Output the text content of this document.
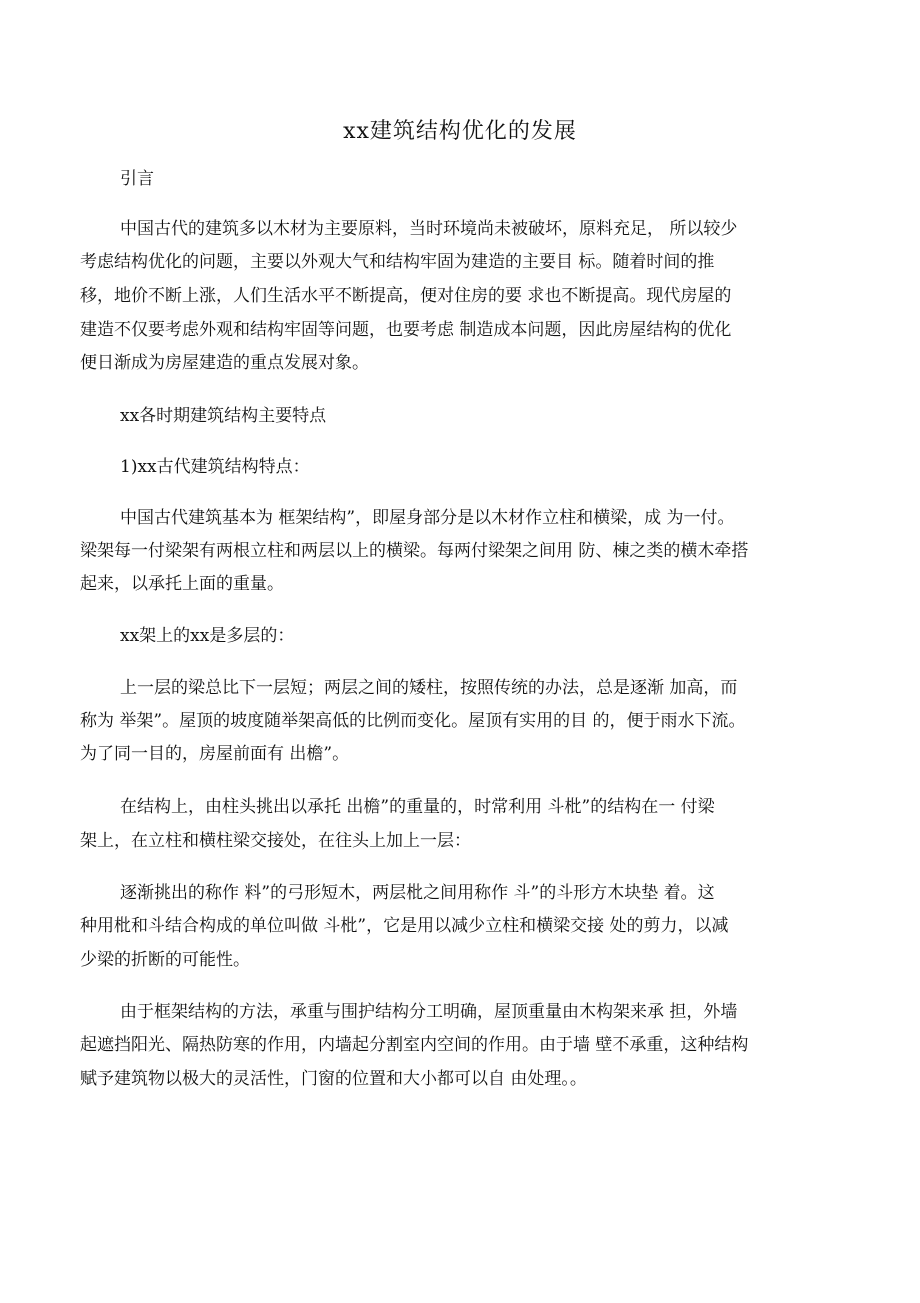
xx建筑结构优化的发展

引言

中国古代的建筑多以木材为主要原料，当时环境尚未被破坏，原料充足， 所以较少

考虑结构优化的问题，主要以外观大气和结构牢固为建造的主要目 标。随着时间的推

移，地价不断上涨，人们生活水平不断提高，便对住房的要 求也不断提高。现代房屋的

建造不仅要考虑外观和结构牢固等问题，也要考虑 制造成本问题，因此房屋结构的优化

便日渐成为房屋建造的重点发展对象。

xx各时期建筑结构主要特点

1)xx古代建筑结构特点：

中国古代建筑基本为 框架结构”，即屋身部分是以木材作立柱和横梁，成 为一付。

梁架每一付梁架有两根立柱和两层以上的横梁。每两付梁架之间用 防、棟之类的横木牵搭

起来，以承托上面的重量。

xx架上的xx是多层的：

上一层的梁总比下一层短；两层之间的矮柱，按照传统的办法，总是逐渐 加高，而

称为 举架”。屋顶的坡度随举架高低的比例而变化。屋顶有实用的目 的，便于雨水下流。

为了同一目的，房屋前面有 出檐”。

在结构上，由柱头挑出以承托 出檐”的重量的，时常利用 斗枇”的结构在一 付梁

架上，在立柱和横柱梁交接处，在往头上加上一层：

逐渐挑出的称作 料”的弓形短木，两层枇之间用称作 斗”的斗形方木块垫 着。这

种用枇和斗结合构成的单位叫做 斗枇”，它是用以减少立柱和横梁交接 处的剪力，以减

少梁的折断的可能性。

由于框架结构的方法，承重与围护结构分工明确，屋顶重量由木构架来承 担，外墙

起遮挡阳光、隔热防寒的作用，内墙起分割室内空间的作用。由于墙 壁不承重，这种结构

赋予建筑物以极大的灵活性，门窗的位置和大小都可以自 由处理。。
